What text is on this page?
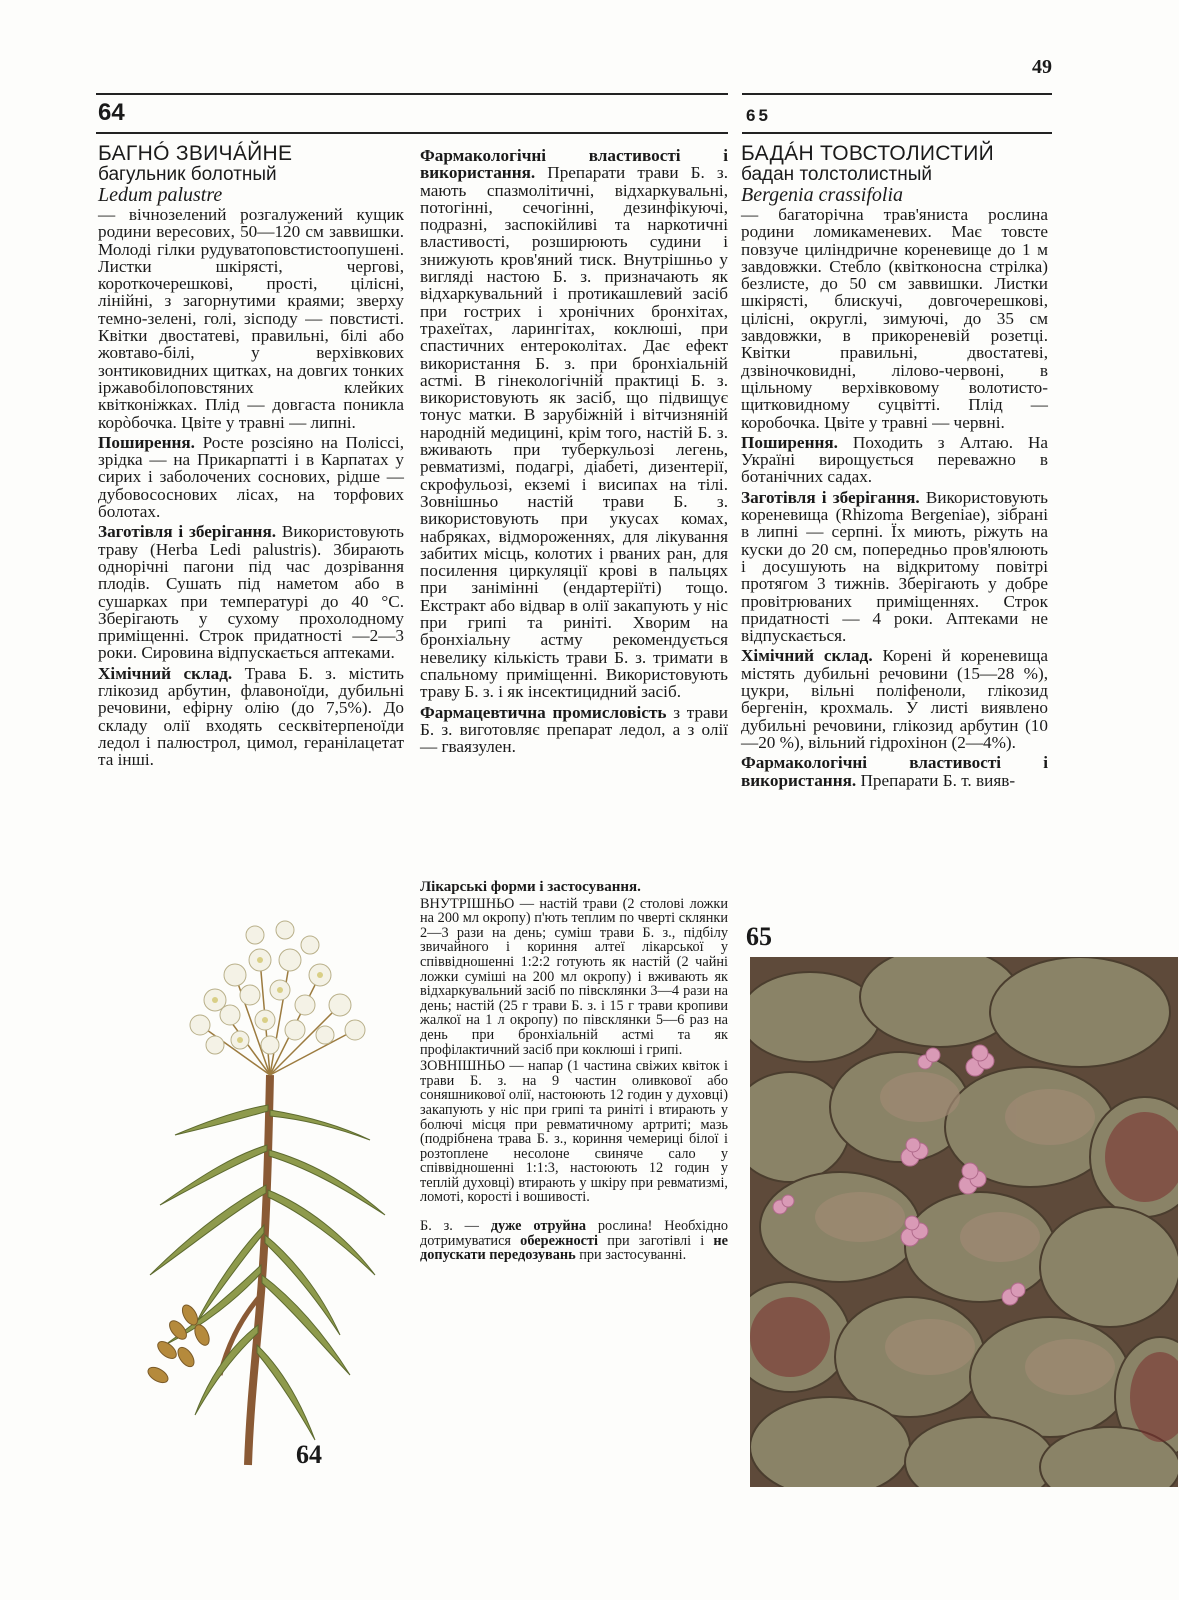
49
64	65
БАГНÓ ЗВИЧÁЙНЕ
багульник болотный
Ledum palustre

— вічнозелений розгалужений кущик родини вересових, 50—120 см заввишки. Молоді гілки рудуватоповстистоопушені. Листки шкірясті, чергові, короткочерешкові, прості, цілісні, лінійні, з загорнутими краями; зверху темно-зелені, голі, зісподу — повстисті. Квітки двостатеві, правильні, білі або жовтаво-білі, у верхівкових зонтиковидних щитках, на довгих тонких іржавобілоповстяних клейких квітконіжках. Плід — довгаста поникла корòбочка. Цвіте у травні — липні.

Поширення. Росте розсіяно на Поліссі, зрідка — на Прикарпатті і в Карпатах у сирих і заболочених соснових, рідше — дубовососнових лісах, на торфових болотах.

Заготівля і зберігання. Використовують траву (Herba Ledi palustris). Збирають однорічні пагони під час дозрівання плодів. Сушать під наметом або в сушарках при температурі до 40 °С. Зберігають у сухому прохолодному приміщенні. Строк придатності —2—3 роки. Сировина відпускається аптеками.

Хімічний склад. Трава Б. з. містить глікозид арбутин, флавоноїди, дубильні речовини, ефірну олію (до 7,5%). До складу олії входять сесквітерпеноїди ледол і палюстрол, цимол, геранілацетат та інші.

64

Фармакологічні властивості і використання. Препарати трави Б. з. мають спазмолітичні, відхаркувальні, потогінні, сечогінні, дезинфікуючі, подразні, заспокійливі та наркотичні властивості, розширюють судини і знижують кров'яний тиск. Внутрішньо у вигляді настою Б. з. призначають як відхаркувальний і протикашлевий засіб при гострих і хронічних бронхітах, трахеїтах, ларингітах, коклюші, при спастичних ентероколітах. Дає ефект використання Б. з. при бронхіальній астмі. В гінекологічній практиці Б. з. використовують як засіб, що підвищує тонус матки. В зарубіжній і вітчизняній народній медицині, крім того, настій Б. з. вживають при туберкульозі легень, ревматизмі, подагрі, діабеті, дизентерії, скрофульозі, екземі і висипах на тілі. Зовнішньо настій трави Б. з. використовують при укусах комах, набряках, відмороженнях, для лікування забитих місць, колотих і рваних ран, для посилення циркуляції крові в пальцях при занімінні (ендартеріїті) тощо. Екстракт або відвар в олії закапують у ніс при грипі та риніті. Хворим на бронхіальну астму рекомендується невелику кількість трави Б. з. тримати в спальному приміщенні. Використовують траву Б. з. і як інсектицидний засіб.

Фармацевтична промисловість з трави Б. з. виготовляє препарат ледол, а з олії — гваязулен.

Лікарські форми і застосування.

ВНУТРІШНЬО — настій трави (2 столові ложки на 200 мл окропу) п'ють теплим по чверті склянки 2—3 рази на день; суміш трави Б. з., підбілу звичайного і кориння алтеї лікарської у співвідношенні 1:2:2 готують як настій (2 чайні ложки суміші на 200 мл окропу) і вживають як відхаркувальний засіб по півсклянки 3—4 рази на день; настій (25 г трави Б. з. і 15 г трави кропиви жалкої на 1 л окропу) по півсклянки 5—6 раз на день при бронхіальній астмі та як профілактичний засіб при коклюші і грипі.

ЗОВНІШНЬО — напар (1 частина свіжих квіток і трави Б. з. на 9 частин оливкової або соняшникової олії, настоюють 12 годин у духовці) закапують у ніс при грипі та риніті і втирають у болючі місця при ревматичному артриті; мазь (подрібнена трава Б. з., кориння чемериці білої і розтоплене несолоне свиняче сало у співвідношенні 1:1:3, настоюють 12 годин у теплій духовці) втирають у шкіру при ревматизмі, ломоті, корості і вошивості.

Б. з. — дуже отруйна рослина! Необхідно дотримуватися обережності при заготівлі і не допускати передозувань при застосуванні.

БАДÁН ТОВСТОЛИСТИЙ
бадан толстолистный
Bergenia crassifolia

— багаторічна трав'яниста рослина родини ломикаменевих. Має товсте повзуче циліндричне кореневище до 1 м завдовжки. Стебло (квітконосна стрілка) безлисте, до 50 см заввишки. Листки шкірясті, блискучі, довгочерешкові, цілісні, округлі, зимуючі, до 35 см завдовжки, в прикореневій розетці. Квітки правильні, двостатеві, дзвіночковидні, лілово-червоні, в щільному верхівковому волотисто-щитковидному суцвітті. Плід — коробочка. Цвіте у травні — червні.

Поширення. Походить з Алтаю. На Україні вирощується переважно в ботанічних садах.

Заготівля і зберігання. Використовують кореневища (Rhizoma Bergeniae), зібрані в липні — серпні. Їх миють, ріжуть на куски до 20 см, попередньо пров'ялюють і досушують на відкритому повітрі протягом 3 тижнів. Зберігають у добре провітрюваних приміщеннях. Строк придатності — 4 роки. Аптеками не відпускається.

Хімічний склад. Корені й кореневища містять дубильні речовини (15—28 %), цукри, вільні поліфеноли, глікозид бергенін, крохмаль. У листі виявлено дубильні речовини, глікозид арбутин (10—20 %), вільний гідрохінон (2—4%).

Фармакологічні властивості і використання. Препарати Б. т. вияв-

65
